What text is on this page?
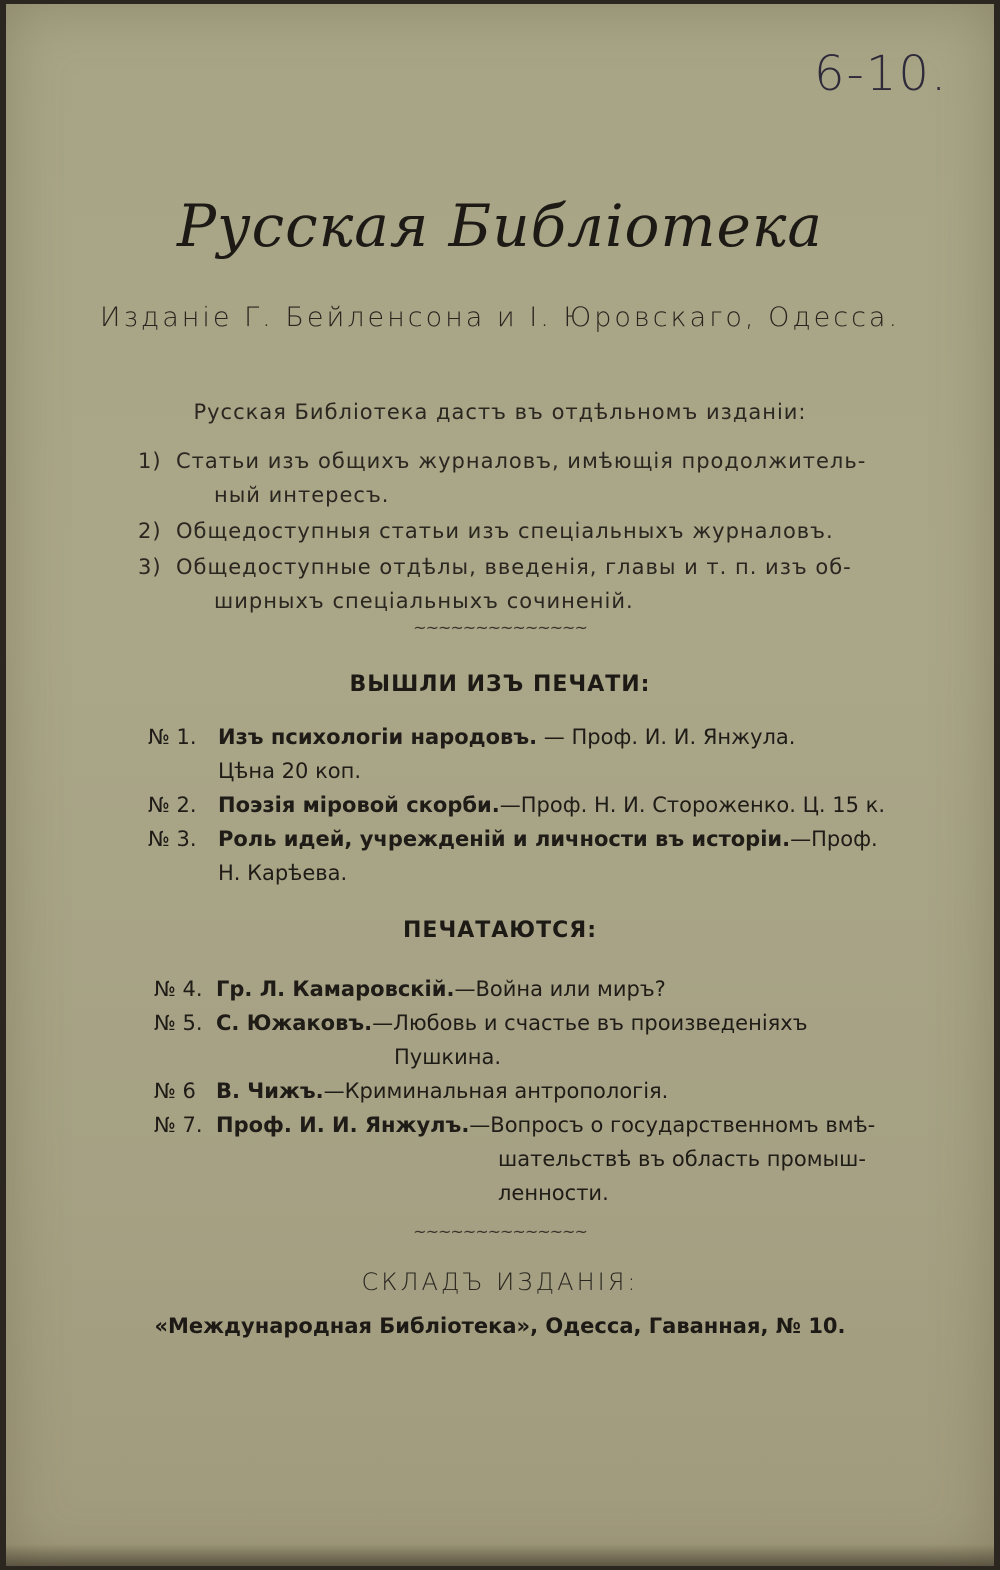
6-10.
Русская Библіотека
Изданіе Г. Бейленсона и І. Юровскаго, Одесса.
Русская Библіотека дастъ въ отдѣльномъ изданіи:
1) Статьи изъ общихъ журналовъ, имѣющія продолжитель-
ный интересъ.
2) Общедоступныя статьи изъ спеціальныхъ журналовъ.
3) Общедоступные отдѣлы, введенія, главы и т. п. изъ об-
ширныхъ спеціальныхъ сочиненій.
~~~~~~~~~~~~~~
ВЫШЛИ ИЗЪ ПЕЧАТИ:
№ 1.	Изъ психологіи народовъ. — Проф. И. И. Янжула.
Цѣна 20 коп.
№ 2.	Поэзія міровой скорби.—Проф. Н. И. Стороженко. Ц. 15 к.
№ 3.	Роль идей, учрежденій и личности въ исторіи.—Проф.
Н. Карѣева.
ПЕЧАТАЮТСЯ:
№ 4. Гр. Л. Камаровскій.—Война или миръ?
№ 5. С. Южаковъ.—Любовь и счастье въ произведеніяхъ
Пушкина.
№ 6 В. Чижъ.—Криминальная антропологія.
№ 7. Проф. И. И. Янжулъ.—Вопросъ о государственномъ вмѣ-
шательствѣ въ область промыш-
ленности.
~~~~~~~~~~~~~~
СКЛАДЪ ИЗДАНІЯ:
«Международная Библіотека», Одесса, Гаванная, № 10.
